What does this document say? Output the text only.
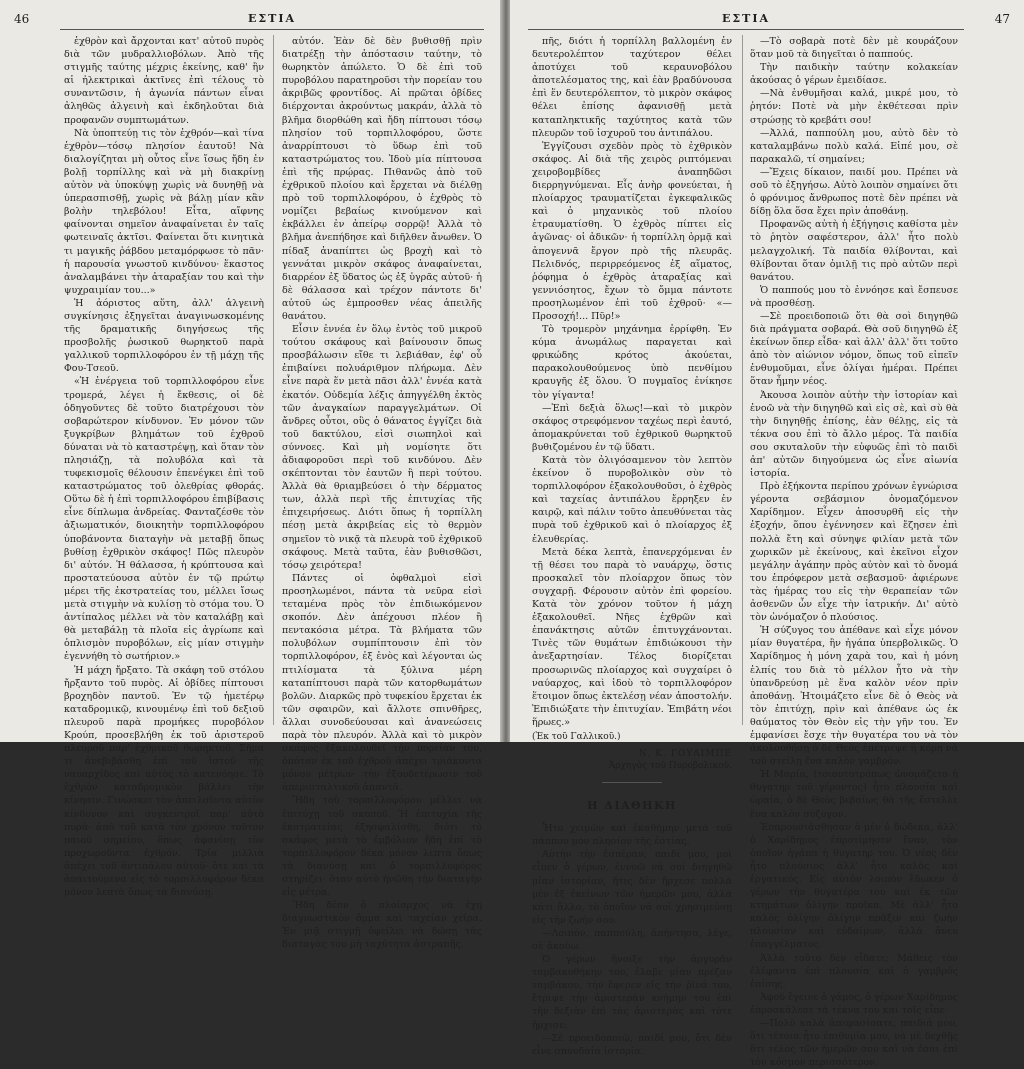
46	ΕΣΤΙΑ

ἐχθρὸν καὶ ἄρχονται κατ' αὐτοῦ πυρὸς διὰ τῶν μυδραλλιοβόλων. Ἀπὸ τῆς στιγμῆς ταύτης μέχρις ἐκείνης, καθ' ἣν αἱ ἠλεκτρικαὶ ἀκτῖνες ἐπὶ τέλους τὸ συναντῶσιν, ἡ ἀγωνία πάντων εἶναι ἀληθῶς ἀλγεινὴ καὶ ἐκδηλοῦται διὰ προφανῶν συμπτωμάτων.

Νὰ ὑποπτεύῃ τις τὸν ἐχθρόν—καὶ τίνα ἐχθρὸν—τόσῳ πλησίον ἑαυτοῦ! Νὰ διαλογίζηται μὴ οὗτος εἶνε ἴσως ἤδη ἐν βολῇ τορπίλλης καὶ νὰ μὴ διακρίνῃ αὐτὸν νὰ ὑποκύψῃ χωρὶς νὰ δυνηθῇ νὰ ὑπερασπισθῇ, χωρὶς νὰ βάλῃ μίαν κἂν βολὴν τηλεβόλου! Εἶτα, αἴφνης φαίνονται σημεῖον ἀναφαίνεται ἐν ταῖς φωτειναῖς ἀκτῖσι. Φαίνεται ὅτι κινητικὰ τι μαγικῆς ῥάβδου μεταμόρφωσε τὸ πᾶν· ἡ παρουσία γνωστοῦ κινδύνου· ἕκαστος ἀναλαμβάνει τὴν ἀταραξίαν του καὶ τὴν ψυχραιμίαν του...»

Ἡ ἀόριστος αὕτη, ἀλλ' ἀλγεινὴ συγκίνησις ἐξηγεῖται ἀναγινωσκομένης τῆς δραματικῆς διηγήσεως τῆς προσβολῆς ῥωσικοῦ θωρηκτοῦ παρὰ γαλλικοῦ τορπιλλοφόρου ἐν τῇ μάχῃ τῆς Φου-Τσεοῦ.

«Ἡ ἐνέργεια τοῦ τορπιλλοφόρου εἶνε τρομερά, λέγει ἡ ἔκθεσις, οἱ δὲ ὁδηγοῦντες δὲ τοῦτο διατρέχουσι τὸν σοβαρώτερον κίνδυνον. Ἐν μόνον τῶν ξυγκρίβων βλημάτων τοῦ ἐχθροῦ δύναται νὰ τὸ καταστρέψῃ, καὶ ὅταν τὸν πλησιάζῃ, τὰ πολυβόλα καὶ τὰ τυφεκισμοῖς θέλουσιν ἐπενέγκει ἐπὶ τοῦ καταστρώματος τοῦ ὀλεθρίας φθοράς. Οὕτω δὲ ἡ ἐπὶ τορπιλλοφόρου ἐπιβίβασις εἶνε δίπλωμα ἀνδρείας. Φανταζέσθε τὸν ἀξιωματικόν, διοικητὴν τορπιλλοφόρου ὑποβάνοντα διαταγὴν νὰ μεταβῇ ὅπως βυθίσῃ ἐχθρικὸν σκάφος! Πῶς πλευρὸν δι' αὐτόν. Ἡ θάλασσα, ἡ κρύπτουσα καὶ προστατεύουσα αὐτὸν ἐν τῷ πρώτῳ μέρει τῆς ἐκστρατείας του, μέλλει ἴσως μετὰ στιγμὴν νὰ κυλίσῃ τὸ στόμα του. Ὁ ἀντίπαλος μέλλει νὰ τὸν καταλάβῃ καὶ θὰ μεταβάλῃ τὰ πλοῖα εἰς ἀγρίωπε καὶ ὁπλισμὸν πυροβόλων, εἰς μίαν στιγμὴν ἐγεννήθη τὸ σωτήριον.»

Ἡ μάχη ἤρξατο. Τὰ σκάφη τοῦ στόλου ἤρξαντο τοῦ πυρὸς. Αἱ ὀβίδες πίπτουσι βροχηδὸν παντοῦ. Ἐν τῷ ἡμετέρῳ καταδρομικῷ, κινουμένῳ ἐπὶ τοῦ δεξιοῦ πλευροῦ παρὰ προμήκες πυροβόλον Κρούπ, προσεβλήθη ἐκ τοῦ ἀριστεροῦ πλευροῦ παρ' ἐχθρικοῦ θωρηκτοῦ. Σῆμα τι ἀνεβιβάσθη ἐπὶ τοῦ ἱστοῦ τῆς ναυαρχίδος καὶ αὐτὸς τὸ κατενόησε. Τὸ ἐχθρὸν καταδρομικὸν βάλλει τὴν κίνησιν. Γινώσκει τὸν ἀπειλοῦντα αὐτὸν κίνδυνον καὶ συγκεντροῖ παρ' αὐτὸ πυρὰ· ἀπὸ τοῦ κατὰ τὸν χρόνον τοῦτον παιοῦ σημείου, ὅπως ἀφανίσῃ τὸν προχωροῦντα ἐχθρόν. Τρία μιλλιὰ ἀπέχει τοῦ ἀντιπάλου αὐτοῦ· ὅτε καὶ τὰ ἀπαιτούμενα εἰς τὸ τορπιλλοφόρον δέκα μόνον λεπτὰ ὅπως τὰ διανύσῃ.

αὐτόν. Ἐὰν δὲ δὲν βυθισθῇ πρὶν διατρέξῃ τὴν ἀπόστασιν ταύτην, τὸ θωρηκτὸν ἀπώλετο. Ὁ δὲ ἐπὶ τοῦ πυροβόλου παρατηροῦσι τὴν πορείαν του ἀκριβῶς φροντίδος. Αἱ πρῶται ὀβίδες διέρχονται ἀκρούντως μακράν, ἀλλὰ τὸ βλῆμα διορθώθη καὶ ἤδη πίπτουσι τόσῳ πλησίον τοῦ τορπιλλοφόρου, ὥστε ἀναρρίπτουσι τὸ ὕδωρ ἐπὶ τοῦ καταστρώματος του. Ἰδοὺ μία πίπτουσα ἐπὶ τῆς πρῴρας. Πιθανῶς ἀπὸ τοῦ ἐχθρικοῦ πλοίου καὶ ἔρχεται νὰ διέλθῃ πρὸ τοῦ τορπιλλοφόρου, ὁ ἐχθρὸς τὸ νομίζει βεβαίως κινούμενον καὶ ἐκβάλλει ἐν ἀπείρῳ σορρῷ! Ἀλλὰ τὸ βλῆμα ἀνεπήδησε καὶ διῆλθεν ἄνωθεν. Ὁ πίδαξ ἀναπίπτει ὡς βροχὴ καὶ τὸ γεννάται μικρὸν σκάφος ἀναφαίνεται, διαρρέον ἐξ ὕδατος ὡς ἐξ ὑγρᾶς αὐτοῦ· ἡ δὲ θάλασσα καὶ τρέχον πάντοτε δι' αὐτοῦ ὡς ἐμπροσθεν νέας ἀπειλῆς θανάτου.

Εἶσιν ἐννέα ἐν ὅλῳ ἐντὸς τοῦ μικροῦ τούτου σκάφους καὶ βαίνουσιν ὅπως προσβάλωσιν εἴθε τι λεβιάθαν, ἐφ' οὗ ἐπιβαίνει πολυάριθμον πλήρωμα. Δὲν εἶνε παρὰ ἕν μετὰ πᾶσι ἀλλ' ἐννέα κατὰ ἑκατόν. Οὐδεμία λέξις ἀπηγγέλθη ἐκτὸς τῶν ἀναγκαίων παραγγελμάτων. Οἱ ἄνδρες οὗτοι, οὓς ὁ θάνατος ἐγγίζει διὰ τοῦ δακτύλου, εἰσὶ σιωπηλοὶ καὶ σύννοες. Καὶ μὴ νομίσητε ὅτι ἀδιαφοροῦσι περὶ τοῦ κινδύνου. Δὲν σκέπτονται τὸν ἐαυτῶν ἢ περὶ τούτου. Ἀλλὰ θὰ θριαμβεύσει ὁ τὴν δέρματος των, ἀλλὰ περὶ τῆς ἐπιτυχίας τῆς ἐπιχειρήσεως. Διότι ὅπως ἡ τορπίλλη πέσῃ μετὰ ἀκριβείας εἰς τὸ θερμὸν σημεῖον τὸ νικᾷ τὰ πλευρὰ τοῦ ἐχθρικοῦ σκάφους. Μετὰ ταῦτα, ἐὰν βυθισθῶσι, τόσῳ χειρότερα!

Πάντες οἱ ὀφθαλμοὶ εἰσὶ προσηλωμένοι, πάντα τὰ νεῦρα εἰσὶ τεταμένα πρὸς τὸν ἐπιδιωκόμενον σκοπόν. Δὲν ἀπέχουσι πλέον ἢ πεντακόσια μέτρα. Τὰ βλήματα τῶν πολυβόλων συμπίπτουσιν ἐπὶ τὸν τορπιλλοφόρον, ἐξ ἑνὸς καὶ λέγονται ὡς πτιλίσματα τὰ ξύλινα μέρη καταπίπτουσι παρὰ τῶν κατορθωμάτων βολῶν. Διαρκῶς πρὸ τυφεκίου ἔρχεται ἐκ τῶν σφαιρῶν, καὶ ἄλλοτε σπινθῆρες, ἄλλαι συνοδεύουσαι καὶ ἀνανεώσεις παρὰ τὸν πλευρόν. Ἀλλὰ καὶ τὸ μικρὸν σκάφος ἐξακολουθεῖ τὴν πορείαν του, ὁπόταν ἐκ τοῦ ἐχθροῦ ἀπέχει τριάκοντα μόνον μέτρων· τὴν ἐξουδετέρωσιν τοῦ ἀπερισταλτικοῦ ἀπαντᾶ.

Ἤδη τοῦ τορπιλλοφόρου μέλλει νὰ ἐπιτύχῃ τοῦ σκοποῦ. Ἡ ἐπιτυχία τῆς ἐκστρατείας ἐξησφαλίσθη, διότι τὸ σκάφος μετὰ τὸ ἐμβόλιον ἤδη ἐπὶ τὸ τορπιλλοφόρον δέκα μόνον λεπτὰ ὅπως τὰ διανύσῃ καὶ ὁ τορπιλλοφόρος στηρίζει· ὅταν αὐτὸ ἠνῶθη τὴν διαταγὴν εἰς μέτρα.

Ἤδη δέον ὁ πλοίαρχος νὰ ἐχῃ διαγνωστικὸν ὄμμα καὶ ταχείαν χεῖρα. Ἐν μιᾷ στιγμῇ ὀφείλει νὰ δώσῃ τὰς διαταγὰς του μὴ ταχύτητα ἀστραπῆς.

ΕΣΤΙΑ	47

πῆς, διότι ἡ τορπίλλη βαλλομένη ἐν δευτερολέπτον ταχύτερον θέλει ἀποτύχει τοῦ κεραυνοβόλου ἀποτελέσματος της, καὶ ἐὰν βραδύνουσα ἐπὶ ἕν δευτερόλεπτον, τὸ μικρὸν σκάφος θέλει ἐπίσης ἀφανισθῇ μετὰ καταπληκτικῆς ταχύτητος κατὰ τῶν πλευρῶν τοῦ ἰσχυροῦ του ἀντιπάλου.

Ἐγγίζουσι σχεδὸν πρὸς τὸ ἐχθρικὸν σκάφος. Αἱ διὰ τῆς χειρὸς ριπτόμεναι χειροβομβίδες ἀναπηδῶσι διερρηγνύμεναι. Εἷς ἀνὴρ φονεύεται, ἡ πλοίαρχος τραυματίζεται ἐγκεφαλικῶς καὶ ὁ μηχανικὸς τοῦ πλοίου ἐτραυματίσθη. Ὁ ἐχθρὸς πίπτει εἰς ἀγῶνας· οἱ ἀδικῶν· ἡ τορπίλλη ὀρμᾷ καὶ ἀπογεννᾶ ἔργον πρὸ τῆς πλευρᾶς. Πελιδνός, περιρρεόμενος ἐξ αἵματος, ῥόφημα ὁ ἐχθρὸς ἀταραξίας καὶ γεννιόσητος, ἔχων τὸ ὄμμα πάντοτε προσηλωμένον ἐπὶ τοῦ ἐχθροῦ· «—Προσοχή!... Πῦρ!»

Τὸ τρομερὸν μηχάνημα ἐρρίφθη. Ἐν κύμα ἀνωμάλως παραγεται καὶ φρικώδης κρότος ἀκούεται, παρακολουθούμενος ὑπὸ πενθίμου κραυγῆς ἐξ ὅλου. Ὁ πυγμαῖος ἐνίκησε τὸν γίγαντα!

—Ἐπὶ δεξιὰ ὅλως!—καὶ τὸ μικρὸν σκάφος στρεφόμενον ταχέως περὶ ἑαυτό, ἀπομακρύνεται τοῦ ἐχθρικοῦ θωρηκτοῦ βυθιζομένου ἐν τῷ ὕδατι.

Κατὰ τὸν ὀλιγόσαμενον τὸν λεπτὸν ἐκείνον ὅ πυροβολικὸν σὺν τὸ τορπιλλοφόρον ἐξακολουθοῦσι, ὁ ἐχθρὸς καὶ ταχείας ἀντιπάλου ἔρρηξεν ἐν καιρῷ, καὶ πάλιν τοῦτο ἀπευθύνεται τὰς πυρὰ τοῦ ἐχθρικοῦ καὶ ὁ πλοίαρχος ἐξ ἐλευθερίας.

Μετὰ δέκα λεπτὰ, ἐπανερχόμεναι ἐν τῇ θέσει του παρὰ τὸ ναυάρχῳ, ὅστις προσκαλεῖ τὸν πλοίαρχον ὅπως τὸν συγχαρῇ. Φέρουσιν αὐτὸν ἐπὶ φορείου. Κατὰ τὸν χρόνον τοῦτον ἡ μάχη ἐξακολουθεῖ. Νῆες ἐχθρῶν καὶ ἐπανάκτησις αὐτῶν ἐπιτυγχάνονται. Τινὲς τῶν θυμάτων ἐπιδιώκουσι τὴν ἀνεξαρτησίαν. Τέλος διορίζεται προσωρινῶς πλοίαρχος καὶ συγχαίρει ὁ ναύαρχος, καὶ ἰδοὺ τὸ τορπιλλοφόρον ἕτοιμον ὅπως ἐκτελέσῃ νέαν ἀποστολήν. Ἐπιδιώξατε τὴν ἐπιτυχίαν. Ἐπιβάτη νέοι ἥρωες.»

(Ἐκ τοῦ Γαλλικοῦ.)
Ν. Κ. ΓΟΥΑΙΜΠΕ
Ἀρχηγὸς τοῦ Πυροβολικοῦ.
Η ΔΙΑΘΗΚΗ

Ἦτο χειμὼν καὶ ἐκαθήμην μετὰ τοῦ πάππου μου πλησίον τῆς ἑστίας.

Αὐτὴν τὴν ἑσπέραν, παιδί μου, μοὶ εἶπεν ὁ γέρων, ἐννοῶ νὰ σοὶ διηγηθῶ μίαν ἱστορίαν, ἥτις δὲν ἤρχεσε πολλὰ μὲν ἐξ ἐκείνων τῶν ἡμερῶν μου, ἀλλὰ κάτι ἄλλο, τὸ ὁποῖον νὰ σοὶ χρησιμεύσῃ εἰς τὴν ζωήν σου.

—Λοιπόν, παππούλη, ἀπήντησα, λέγε, σὲ ἀκούω.

Ὁ γέρων ἤνοιξε τὴν ἀργυρᾶν ταμβακοθήκην του, ἔλαβε μίαν πρέζαν ταμβάκου, τὴν ἔφερεν εἰς τὴν ῥῖνά του, ἔτριψε τὴν ἀριστερὰν κνήμην του ἐπὶ τὴν δεξιὰν ἐπὶ τὰς ἀριστερὰς καὶ τότε ἤρχισε:

—Σὲ προειδοποιῶ, παιδί μου, ὅτι δὲν εἶνε σπουδαία ἱστορία.

—Τὸ σοβαρὰ ποτὲ δὲν μὲ κουράζουν ὅταν μοῦ τὰ διηγεῖται ὁ παππούς.

Τὴν παιδικὴν ταύτην κολακείαν ἀκούσας ὁ γέρων ἐμειδίασε.

—Νὰ ἐνθυμῆσαι καλά, μικρέ μου, τὸ ῥητόν: Ποτὲ νὰ μὴν ἐκθέτεσαι πρὶν στρώσῃς τὸ κρεβάτι σου!

—Ἀλλά, παππούλη μου, αὐτὸ δὲν τὸ καταλαμβάνω πολὺ καλά. Εἰπέ μου, σὲ παρακαλῶ, τί σημαίνει;

—Ἔχεις δίκαιον, παιδί μου. Πρέπει νὰ σοῦ τὸ ἐξηγήσω. Αὐτὸ λοιπὸν σημαίνει ὅτι ὁ φρόνιμος ἄνθρωπος ποτὲ δὲν πρέπει νὰ δίδῃ ὅλα ὅσα ἔχει πρὶν ἀποθάνῃ.

Προφανῶς αὐτὴ ἡ ἐξήγησις καθίστα μὲν τὸ ῥητὸν σαφέστερον, ἀλλ' ἦτο πολὺ μελαγχολική. Τὰ παιδία θλίβονται, καὶ θλίβονται ὅταν ὁμιλῇ τις πρὸ αὐτῶν περὶ θανάτου.

Ὁ παππούς μου τὸ ἐννόησε καὶ ἔσπευσε νὰ προσθέσῃ.

—Σὲ προειδοποιῶ ὅτι θὰ σοὶ διηγηθῶ διὰ πράγματα σοβαρά. Θὰ σοῦ διηγηθῶ ἐξ ἐκείνων ὅπερ εἶδα· καὶ ἀλλ' ἀλλ' ὅτι τοῦτο ἀπὸ τὸν αἰώνιον νόμον, ὅπως τοῦ εἰπεῖν ἐνθυμοῦμαι, εἶνε ὀλίγαι ἡμέραι. Πρέπει ὅταν ἦμην νέος.

Ἀκουσα λοιπὸν αὐτὴν τὴν ἱστορίαν καὶ ἐνοῶ νὰ τὴν διηγηθῶ καὶ εἰς σὲ, καὶ σὺ θὰ τὴν διηγηθῇς ἐπίσης, ἐὰν θέλῃς, εἰς τὰ τέκνα σου ἐπὶ τὸ ἄλλο μέρος. Τὰ παιδία σου σκυταλοῦν τὴν εὐφυῶς ἐπὶ τὸ παιδὶ ἀπ' αὐτῶν διηγούμενα ὡς εἶνε αἰωνία ἱστορία.

Πρὸ ἐξήκοντα περίπου χρόνων ἐγνώρισα γέροντα σεβάσμιον ὀνομαζόμενον Χαρίδημον. Εἶχεν ἀποσυρθῆ εἰς τὴν ἐξοχήν, ὅπου ἐγέννησεν καὶ ἔζησεν ἐπὶ πολλὰ ἔτη καὶ σύνηψε φιλίαν μετὰ τῶν χωρικῶν μὲ ἐκείνους, καὶ ἐκεῖνοι εἶχον μεγάλην ἀγάπην πρὸς αὐτὸν καὶ τὸ ὄνομά του ἐπρόφερον μετὰ σεβασμοῦ· ἀφιέρωνε τὰς ἡμέρας του εἰς τὴν θεραπείαν τῶν ἀσθενῶν ὧν εἶχε τὴν ἰατρικήν. Δι' αὐτὸ τὸν ὠνόμαζον ὁ πλούσιος.

Ἡ σύζυγος του ἀπέθανε καὶ εἶχε μόνον μίαν θυγατέρα, ἣν ἠγάπα ὑπερβολικῶς. Ὁ Χαρίδημος ἡ μόνη χαρὰ του, καὶ ἡ μόνη ἐλπίς του διὰ τὸ μέλλον ἦτο νὰ τὴν ὑπανδρεύσῃ μὲ ἕνα καλὸν νέον πρὶν ἀποθάνῃ. Ἠτοιμάζετο εἶνε δὲ ὁ Θεὸς νὰ τὸν ἐπιτύχῃ, πρὶν καὶ ἀπέθανε ὡς ἐκ θαύματος τὸν Θεὸν εἰς τὴν γῆν του. Ἐν ἐμφανίσει ἔσχε τὴν θυγατέρα του νὰ τὸν ἀκολουθήσῃ ὁ δὲ Θεὸς ἐπέτρεψε ἡ κόρη νὰ τοῦ στείλῃ ἕνα καλὸν γαμβρόν.

Ἡ Μαρία, (τοιουτοτρόπως ὠνομάζετο ἡ θυγατηρ τοῦ γέροντος) ἦτο πλουσία καὶ ὡραία, ὁ δὲ Θεὸς βεβαίως θὰ τῆς ἔστελλε ἕνα καλὸν σύζυγον.

Ἐπαρουσιάσθησαν ὁ μὲν ὁ δώδεκα, ἀλλ' ὁ Χαρίδημος ἐπροτίμησεν ἕναν, τὸν ὁποῖον ἠγάπα ἡ θυγατηρ του. Ὁ νέος δὲν ἦτο πλούσιος ἀλλ' ἦτο καλὸς καὶ ἐργατικός. Εἰς αὐτὸν λοιπὸν ἔδωκεν ὁ γέρων τὴν θυγατέρα του καὶ ἐκ τῶν κτημάτων ὀλίγην προῖκα. Μὲ ἀλλ' ἦτο καλὸς ὁλίγην ὀλίγην πρᾶξιν καὶ ζωὴν πλουσίαν καὶ εὐδαίμων, ἀλλὰ ἄνευ ἐπαγγέλματος.

Ἀλλὰ τοῦτο δὲν εἶδατε; Μάθεις τὸν ἐλέφαντα ἐπὶ πλουσία καὶ ὁ γαμβρὸς ἐπίσης.

Ἀφοῦ ἔγεινε ὁ γάμος, ὁ γέρων Χαρίδημος ἐπροσκάλεσε τὰ τέκνα του καὶ τοῖς εἶπε·

—Πολὺ καλὰ ἀπεφασίσατε, παιδιά μου, ὅτι τέτοια ἦτο ἐπιθυμία μου, νὰ μὲ δεχθῇς ὅτι τέλος τῶν ἡμερῶν σου καὶ νὰ ἐσαι ἐπὶ τὸν κόσμον περισσότερον.
